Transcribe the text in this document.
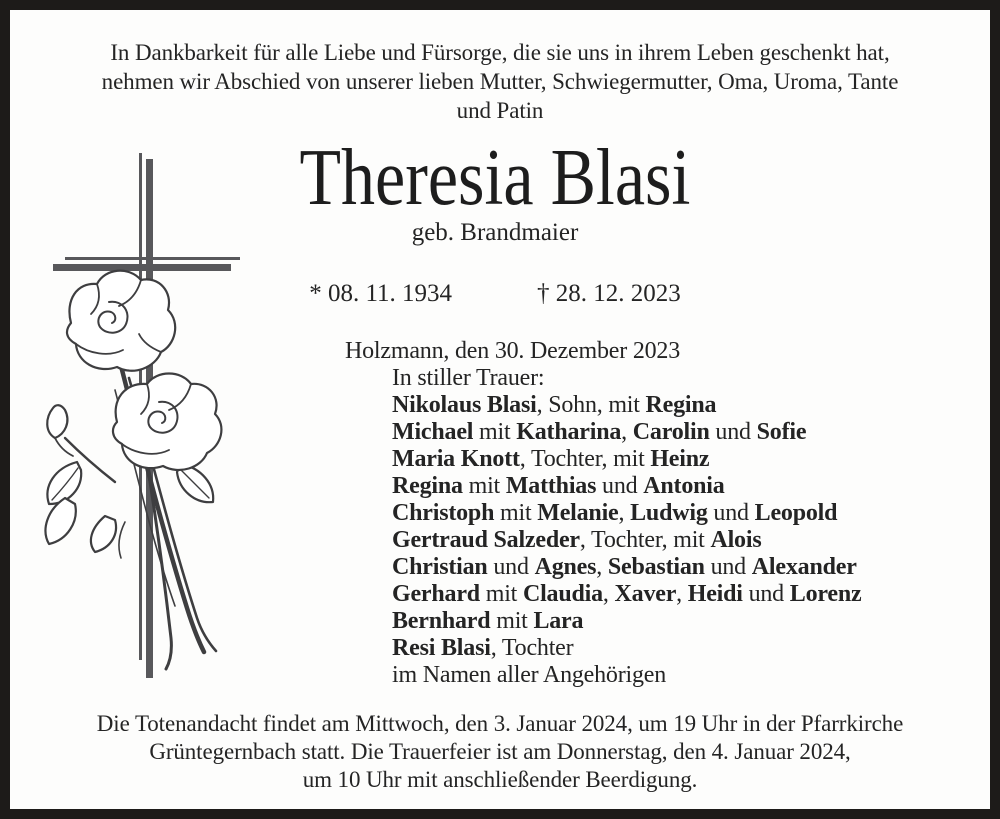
In Dankbarkeit für alle Liebe und Fürsorge, die sie uns in ihrem Leben geschenkt hat,
nehmen wir Abschied von unserer lieben Mutter, Schwiegermutter, Oma, Uroma, Tante
und Patin
Theresia Blasi
geb. Brandmaier
* 08. 11. 1934	† 28. 12. 2023
Holzmann, den 30. Dezember 2023
In stiller Trauer:
Nikolaus Blasi, Sohn, mit Regina
Michael mit Katharina, Carolin und Sofie
Maria Knott, Tochter, mit Heinz
Regina mit Matthias und Antonia
Christoph mit Melanie, Ludwig und Leopold
Gertraud Salzeder, Tochter, mit Alois
Christian und Agnes, Sebastian und Alexander
Gerhard mit Claudia, Xaver, Heidi und Lorenz
Bernhard mit Lara
Resi Blasi, Tochter
im Namen aller Angehörigen
Die Totenandacht findet am Mittwoch, den 3. Januar 2024, um 19 Uhr in der Pfarrkirche
Grüntegernbach statt. Die Trauerfeier ist am Donnerstag, den 4. Januar 2024,
um 10 Uhr mit anschließender Beerdigung.
